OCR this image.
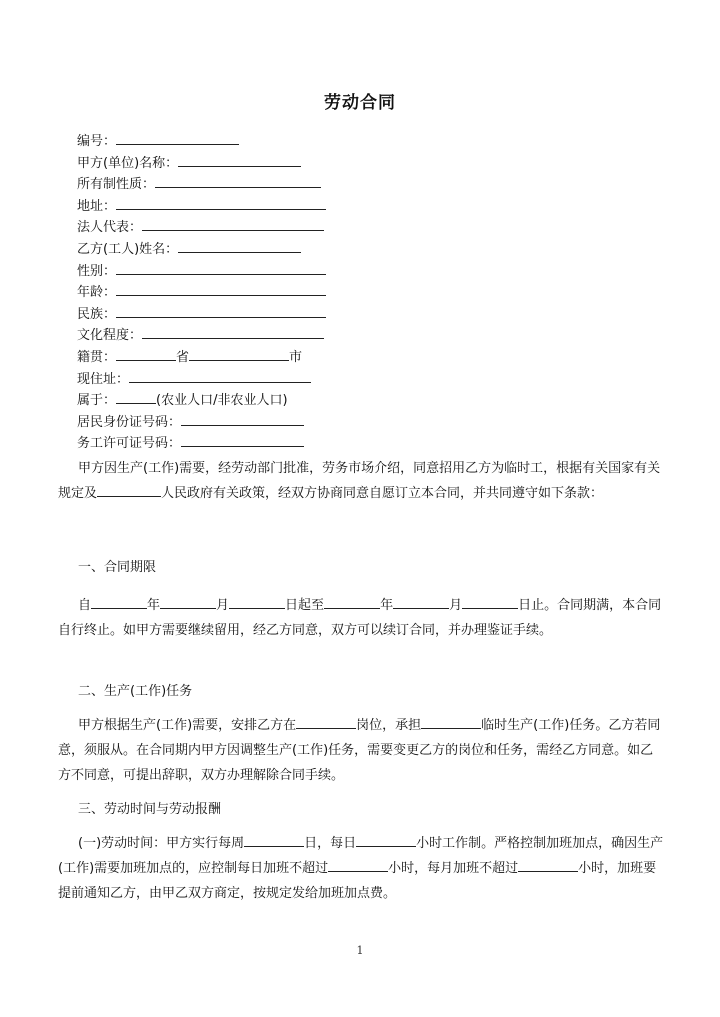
劳动合同
编号：
甲方(单位)名称：
所有制性质：
地址：
法人代表：
乙方(工人)姓名：
性别：
年龄：
民族：
文化程度：
籍贯：	省	市
现住址：
属于：	(农业人口/非农业人口)
居民身份证号码：
务工许可证号码：

甲方因生产(工作)需要，经劳动部门批准，劳务市场介绍，同意招用乙方为临时工，根据有关国家有关规定及	人民政府有关政策，经双方协商同意自愿订立本合同，并共同遵守如下条款：

一、合同期限

自	年	月	日起至	年	月	日止。合同期满，本合同自行终止。如甲方需要继续留用，经乙方同意，双方可以续订合同，并办理鉴证手续。

二、生产(工作)任务

甲方根据生产(工作)需要，安排乙方在	岗位，承担	临时生产(工作)任务。乙方若同意，须服从。在合同期内甲方因调整生产(工作)任务，需要变更乙方的岗位和任务，需经乙方同意。如乙方不同意，可提出辞职，双方办理解除合同手续。

三、劳动时间与劳动报酬

(一)劳动时间：甲方实行每周	日，每日	小时工作制。严格控制加班加点，确因生产(工作)需要加班加点的，应控制每日加班不超过	小时，每月加班不超过	小时，加班要提前通知乙方，由甲乙双方商定，按规定发给加班加点费。

1
